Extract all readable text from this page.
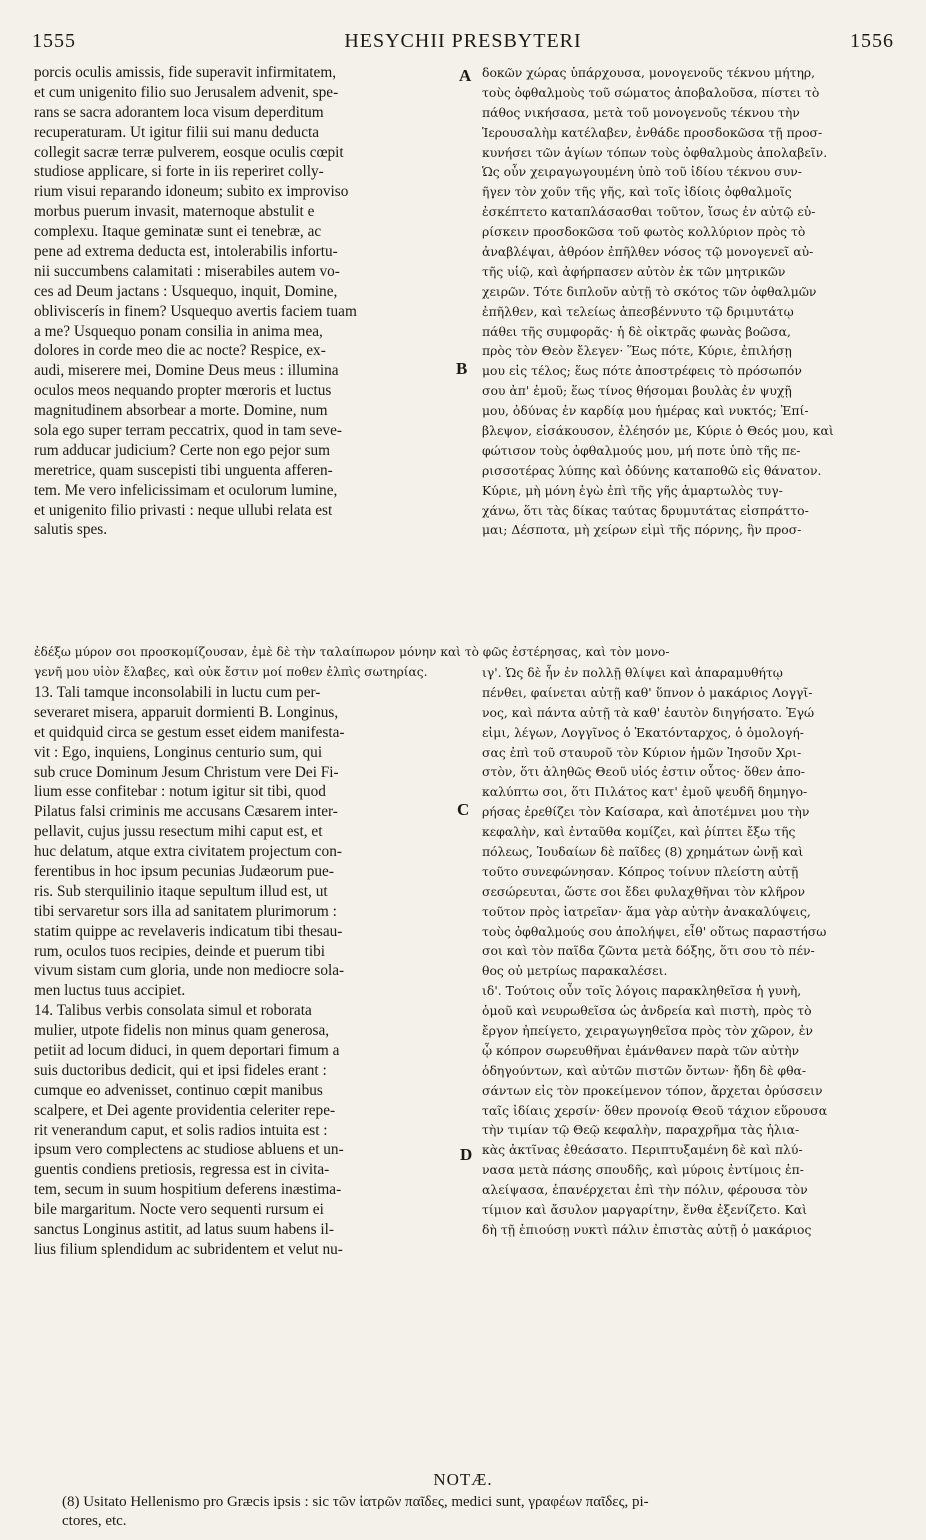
1555	HESYCHII PRESBYTERI	1556
porcis oculis amissis, fide superavit infirmitatem,
et cum unigenito filio suo Jerusalem advenit, spe-
rans se sacra adorantem loca visum deperditum
recuperaturam. Ut igitur filii sui manu deducta
collegit sacræ terræ pulverem, eosque oculis cœpit
studiose applicare, si forte in iis reperiret colly-
rium visui reparando idoneum; subito ex improviso
morbus puerum invasit, maternoque abstulit e
complexu. Itaque geminatæ sunt ei tenebræ, ac
pene ad extrema deducta est, intolerabilis infortu-
nii succumbens calamitati : miserabiles autem vo-
ces ad Deum jactans : Usquequo, inquit, Domine,
obliviscerís in finem? Usquequo avertis faciem tuam
a me? Usquequo ponam consilia in anima mea,
dolores in corde meo die ac nocte? Respice, ex-
audi, miserere mei, Domine Deus meus : illumina
oculos meos nequando propter mœroris et luctus
magnitudinem absorbear a morte. Domine, num
sola ego super terram peccatrix, quod in tam seve-
rum adducar judicium? Certe non ego pejor sum
meretrice, quam suscepisti tibi unguenta afferen-
tem. Me vero infelicissimam et oculorum lumine,
et unigenito filio privasti : neque ullubi relata est
salutis spes.
δοκῶν χώρας ὑπάρχουσα, μονογενοῦς τέκνου μήτηρ,
τοὺς ὀφθαλμοὺς τοῦ σώματος ἀποβαλοῦσα, πίστει τὸ
πάθος νικήσασα, μετὰ τοῦ μονογενοῦς τέκνου τὴν
Ἱερουσαλὴμ κατέλαβεν, ἐνθάδε προσδοκῶσα τῇ προσ-
κυνήσει τῶν ἁγίων τόπων τοὺς ὀφθαλμοὺς ἀπολαβεῖν.
Ὡς οὖν χειραγωγουμένη ὑπὸ τοῦ ἰδίου τέκνου συν-
ῆγεν τὸν χοῦν τῆς γῆς, καὶ τοῖς ἰδίοις ὀφθαλμοῖς
ἐσκέπτετο καταπλάσασθαι τοῦτον, ἴσως ἐν αὐτῷ εὑ-
ρίσκειν προσδοκῶσα τοῦ φωτὸς κολλύριον πρὸς τὸ
ἀναβλέψαι, ἀθρόον ἐπῆλθεν νόσος τῷ μονογενεῖ αὐ-
τῆς υἱῷ, καὶ ἀφήρπασεν αὐτὸν ἐκ τῶν μητρικῶν
χειρῶν. Τότε διπλοῦν αὐτῇ τὸ σκότος τῶν ὀφθαλμῶν
ἐπῆλθεν, καὶ τελείως ἀπεσβέννυτο τῷ δριμυτάτῳ
πάθει τῆς συμφορᾶς· ἡ δὲ οἰκτρᾶς φωνὰς βοῶσα,
πρὸς τὸν Θεὸν ἔλεγεν· Ἕως πότε, Κύριε, ἐπιλήσῃ
μου εἰς τέλος; ἕως πότε ἀποστρέφεις τὸ πρόσωπόν
σου ἀπ' ἐμοῦ; ἕως τίνος θήσομαι βουλὰς ἐν ψυχῇ
μου, ὀδύνας ἐν καρδίᾳ μου ἡμέρας καὶ νυκτός; Ἐπί-
βλεψον, εἰσάκουσον, ἐλέησόν με, Κύριε ὁ Θεός μου, καὶ
φώτισον τοὺς ὀφθαλμούς μου, μή ποτε ὑπὸ τῆς πε-
ρισσοτέρας λύπης καὶ ὀδύνης καταποθῶ εἰς θάνατον.
Κύριε, μὴ μόνη ἐγὼ ἐπὶ τῆς γῆς ἁμαρτωλὸς τυγ-
χάνω, ὅτι τὰς δίκας ταύτας δρυμυτάτας εἰσπράττο-
μαι; Δέσποτα, μὴ χείρων εἰμὶ τῆς πόρνης, ἣν προσ-
ἐδέξω μύρον σοι προσκομίζουσαν, ἐμὲ δὲ τὴν ταλαίπωρον μόνην καὶ τὸ φῶς ἐστέρησας, καὶ τὸν μονο-
γενῆ μου υἱὸν ἔλαβες, καὶ οὐκ ἔστιν μοί ποθεν ἐλπὶς σωτηρίας.
13. Tali tamque inconsolabili in luctu cum per-
severaret misera, apparuit dormienti B. Longinus,
et quidquid circa se gestum esset eidem manifesta-
vit : Ego, inquiens, Longinus centurio sum, qui
sub cruce Dominum Jesum Christum vere Dei Fi-
lium esse confitebar : notum igitur sit tibi, quod
Pilatus falsi criminis me accusans Cæsarem inter-
pellavit, cujus jussu resectum mihi caput est, et
huc delatum, atque extra civitatem projectum con-
ferentibus in hoc ipsum pecunias Judæorum pue-
ris. Sub sterquilinio itaque sepultum illud est, ut
tibi servaretur sors illa ad sanitatem plurimorum :
statim quippe ac revelaveris indicatum tibi thesau-
rum, oculos tuos recipies, deinde et puerum tibi
vivum sistam cum gloria, unde non mediocre sola-
men luctus tuus accipiet.
14. Talibus verbis consolata simul et roborata
mulier, utpote fidelis non minus quam generosa,
petiit ad locum diduci, in quem deportari fimum a
suis ductoribus dedicit, qui et ipsi fideles erant :
cumque eo advenisset, continuo cœpit manibus
scalpere, et Dei agente providentia celeriter repe-
rit venerandum caput, et solis radios intuita est :
ipsum vero complectens ac studiose abluens et un-
guentis condiens pretiosis, regressa est in civita-
tem, secum in suum hospitium deferens inæstima-
bile margaritum. Nocte vero sequenti rursum ei
sanctus Longinus astitit, ad latus suum habens il-
lius filium splendidum ac subridentem et velut nu-
ιγ'. Ὡς δὲ ἦν ἐν πολλῇ θλίψει καὶ ἀπαραμυθήτῳ
πένθει, φαίνεται αὐτῇ καθ' ὕπνον ὁ μακάριος Λογγῖ-
νος, καὶ πάντα αὐτῇ τὰ καθ' ἑαυτὸν διηγήσατο. Ἐγώ
εἰμι, λέγων, Λογγῖνος ὁ Ἑκατόνταρχος, ὁ ὁμολογή-
σας ἐπὶ τοῦ σταυροῦ τὸν Κύριον ἡμῶν Ἰησοῦν Χρι-
στὸν, ὅτι ἀληθῶς Θεοῦ υἱός ἐστιν οὗτος· ὅθεν ἀπο-
καλύπτω σοι, ὅτι Πιλάτος κατ' ἐμοῦ ψευδῆ δημηγο-
ρήσας ἐρεθίζει τὸν Καίσαρα, καὶ ἀποτέμνει μου τὴν
κεφαλὴν, καὶ ἐνταῦθα κομίζει, καὶ ῥίπτει ἔξω τῆς
πόλεως, Ἰουδαίων δὲ παῖδες (8) χρημάτων ὠνῇ καὶ
τοῦτο συνεφώνησαν. Κόπρος τοίνυν πλείστη αὐτῇ
σεσώρευται, ὥστε σοι ἔδει φυλαχθῆναι τὸν κλῆρον
τοῦτον πρὸς ἰατρεῖαν· ἅμα γὰρ αὐτὴν ἀνακαλύψεις,
τοὺς ὀφθαλμούς σου ἀπολήψει, εἶθ' οὕτως παραστήσω
σοι καὶ τὸν παῖδα ζῶντα μετὰ δόξης, ὅτι σου τὸ πέν-
θος οὐ μετρίως παρακαλέσει.
ιδ'. Τούτοις οὖν τοῖς λόγοις παρακληθεῖσα ἡ γυνὴ,
ὁμοῦ καὶ νευρωθεῖσα ὡς ἀνδρεία καὶ πιστὴ, πρὸς τὸ
ἔργον ἠπείγετο, χειραγωγηθεῖσα πρὸς τὸν χῶρον, ἐν
ᾧ κόπρον σωρευθῆναι ἐμάνθανεν παρὰ τῶν αὐτὴν
ὁδηγούντων, καὶ αὐτῶν πιστῶν ὄντων· ἤδη δὲ φθα-
σάντων εἰς τὸν προκείμενον τόπον, ἄρχεται ὀρύσσειν
ταῖς ἰδίαις χερσίν· ὅθεν προνοίᾳ Θεοῦ τάχιον εὕρουσα
τὴν τιμίαν τῷ Θεῷ κεφαλὴν, παραχρῆμα τὰς ἡλια-
κὰς ἀκτῖνας ἐθεάσατο. Περιπτυξαμένη δὲ καὶ πλύ-
νασα μετὰ πάσης σπουδῆς, καὶ μύροις ἐντίμοις ἐπ-
αλείψασα, ἐπανέρχεται ἐπὶ τὴν πόλιν, φέρουσα τὸν
τίμιον καὶ ἄσυλον μαργαρίτην, ἔνθα ἐξενίζετο. Καὶ
δὴ τῇ ἐπιούσῃ νυκτὶ πάλιν ἐπιστὰς αὐτῇ ὁ μακάριος
A
B
C
D
NOTÆ.
(8) Usitato Hellenismo pro Græcis ipsis : sic τῶν ἰατρῶν παῖδες, medici sunt, γραφέων παῖδες, pi-
ctores, etc.
